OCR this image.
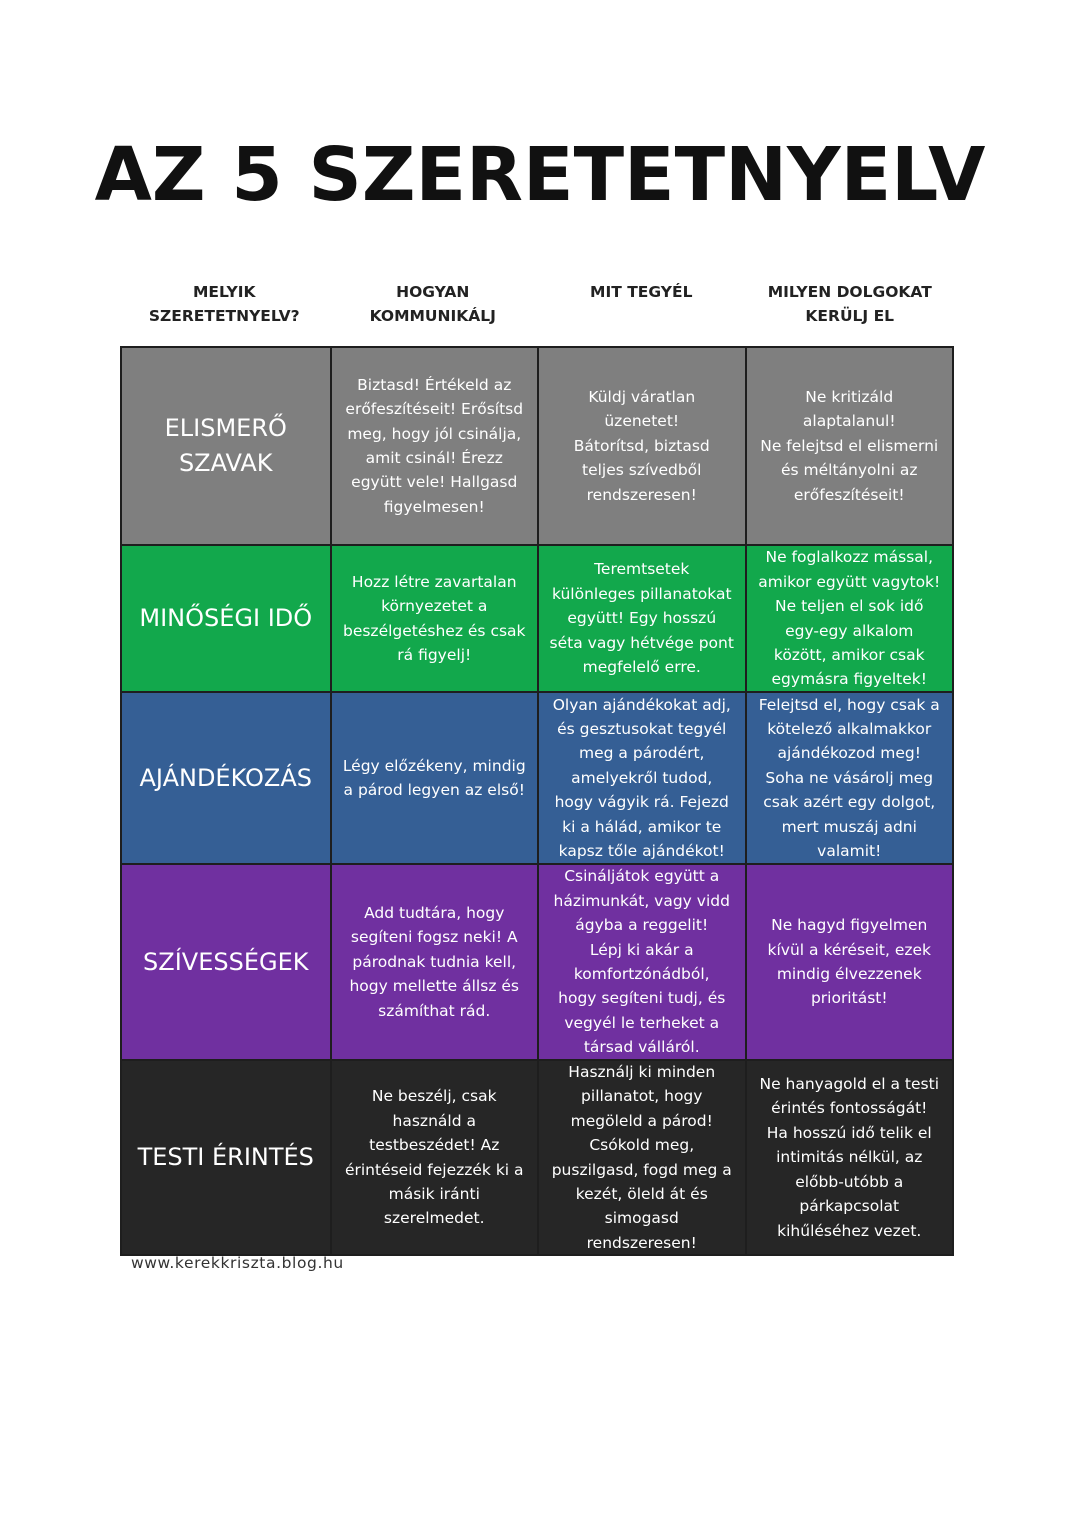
AZ 5 SZERETETNYELV
MELYIK
SZERETETNYELV?
HOGYAN
KOMMUNIKÁLJ
MIT TEGYÉL	MILYEN DOLGOKAT
KERÜLJ EL
ELISMERŐ
SZAVAK
Biztasd! Értékeld az
erőfeszítéseit! Erősítsd
meg, hogy jól csinálja,
amit csinál! Érezz
együtt vele! Hallgasd
figyelmesen!
Küldj váratlan
üzenetet!
Bátorítsd, biztasd
teljes szívedből
rendszeresen!
Ne kritizáld
alaptalanul!
Ne felejtsd el elismerni
és méltányolni az
erőfeszítéseit!
MINŐSÉGI IDŐ
Hozz létre zavartalan
környezetet a
beszélgetéshez és csak
rá figyelj!
Teremtsetek
különleges pillanatokat
együtt! Egy hosszú
séta vagy hétvége pont
megfelelő erre.
Ne foglalkozz mással,
amikor együtt vagytok!
Ne teljen el sok idő
egy-egy alkalom
között, amikor csak
egymásra figyeltek!
AJÁNDÉKOZÁS	Légy előzékeny, mindig
a párod legyen az első!
Olyan ajándékokat adj,
és gesztusokat tegyél
meg a párodért,
amelyekről tudod,
hogy vágyik rá. Fejezd
ki a hálád, amikor te
kapsz tőle ajándékot!
Felejtsd el, hogy csak a
kötelező alkalmakkor
ajándékozod meg!
Soha ne vásárolj meg
csak azért egy dolgot,
mert muszáj adni
valamit!
SZÍVESSÉGEK
Add tudtára, hogy
segíteni fogsz neki! A
párodnak tudnia kell,
hogy mellette állsz és
számíthat rád.
Csináljátok együtt a
házimunkát, vagy vidd
ágyba a reggelit!
Lépj ki akár a
komfortzónádból,
hogy segíteni tudj, és
vegyél le terheket a
társad válláról.
Ne hagyd figyelmen
kívül a kéréseit, ezek
mindig élvezzenek
prioritást!
TESTI ÉRINTÉS
Ne beszélj, csak
használd a
testbeszédet! Az
érintéseid fejezzék ki a
másik iránti
szerelmedet.
Használj ki minden
pillanatot, hogy
megöleld a párod!
Csókold meg,
puszilgasd, fogd meg a
kezét, öleld át és
simogasd
rendszeresen!
Ne hanyagold el a testi
érintés fontosságát!
Ha hosszú idő telik el
intimitás nélkül, az
előbb-utóbb a
párkapcsolat
kihűléséhez vezet.
www.kerekkriszta.blog.hu
